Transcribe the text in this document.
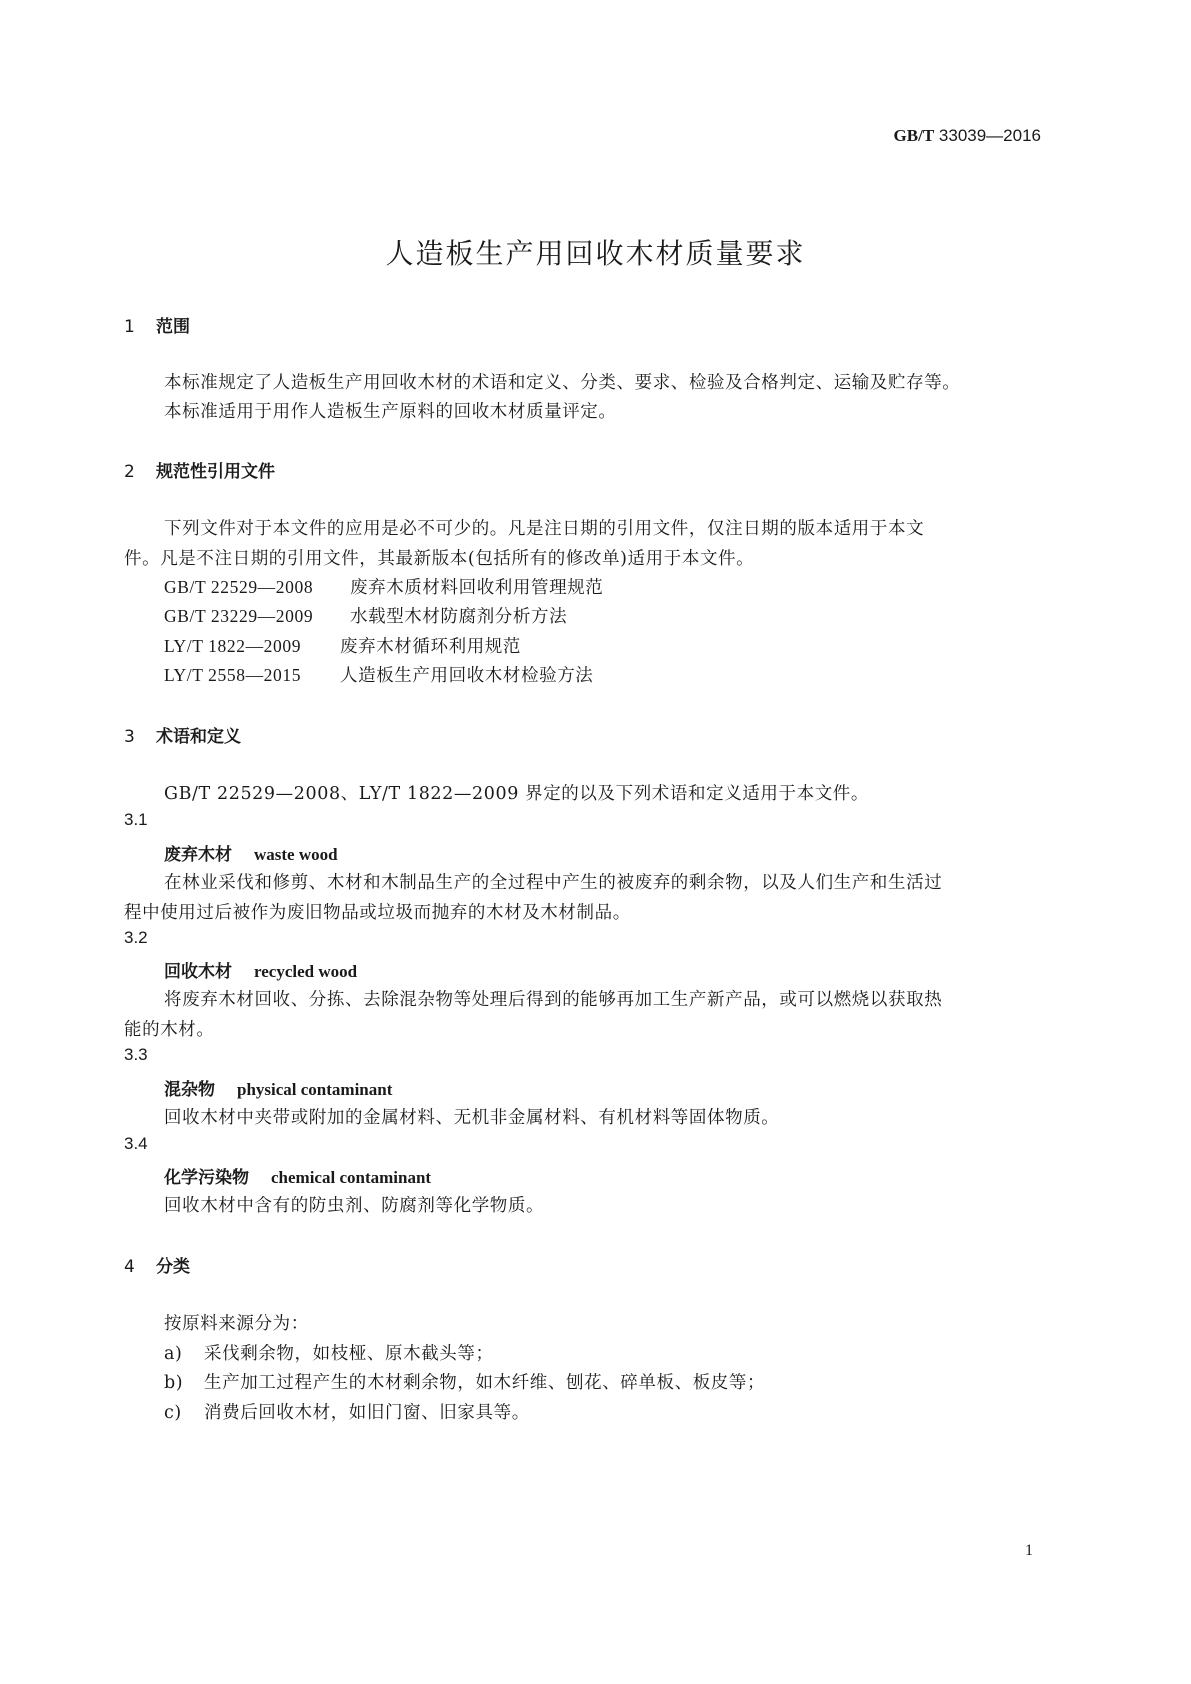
GB/T 33039—2016
人造板生产用回收木材质量要求
1 范围
本标准规定了人造板生产用回收木材的术语和定义、分类、要求、检验及合格判定、运输及贮存等。
本标准适用于用作人造板生产原料的回收木材质量评定。
2 规范性引用文件
下列文件对于本文件的应用是必不可少的。凡是注日期的引用文件，仅注日期的版本适用于本文
件。凡是不注日期的引用文件，其最新版本(包括所有的修改单)适用于本文件。
GB/T 22529—2008 废弃木质材料回收利用管理规范
GB/T 23229—2009 水载型木材防腐剂分析方法
LY/T 1822—2009 废弃木材循环利用规范
LY/T 2558—2015 人造板生产用回收木材检验方法
3 术语和定义
GB/T 22529—2008、LY/T 1822—2009 界定的以及下列术语和定义适用于本文件。
3.1
废弃木材 waste wood
在林业采伐和修剪、木材和木制品生产的全过程中产生的被废弃的剩余物，以及人们生产和生活过
程中使用过后被作为废旧物品或垃圾而抛弃的木材及木材制品。
3.2
回收木材 recycled wood
将废弃木材回收、分拣、去除混杂物等处理后得到的能够再加工生产新产品，或可以燃烧以获取热
能的木材。
3.3
混杂物 physical contaminant
回收木材中夹带或附加的金属材料、无机非金属材料、有机材料等固体物质。
3.4
化学污染物 chemical contaminant
回收木材中含有的防虫剂、防腐剂等化学物质。
4 分类
按原料来源分为：
a) 采伐剩余物，如枝桠、原木截头等；
b) 生产加工过程产生的木材剩余物，如木纤维、刨花、碎单板、板皮等；
c) 消费后回收木材，如旧门窗、旧家具等。
1
